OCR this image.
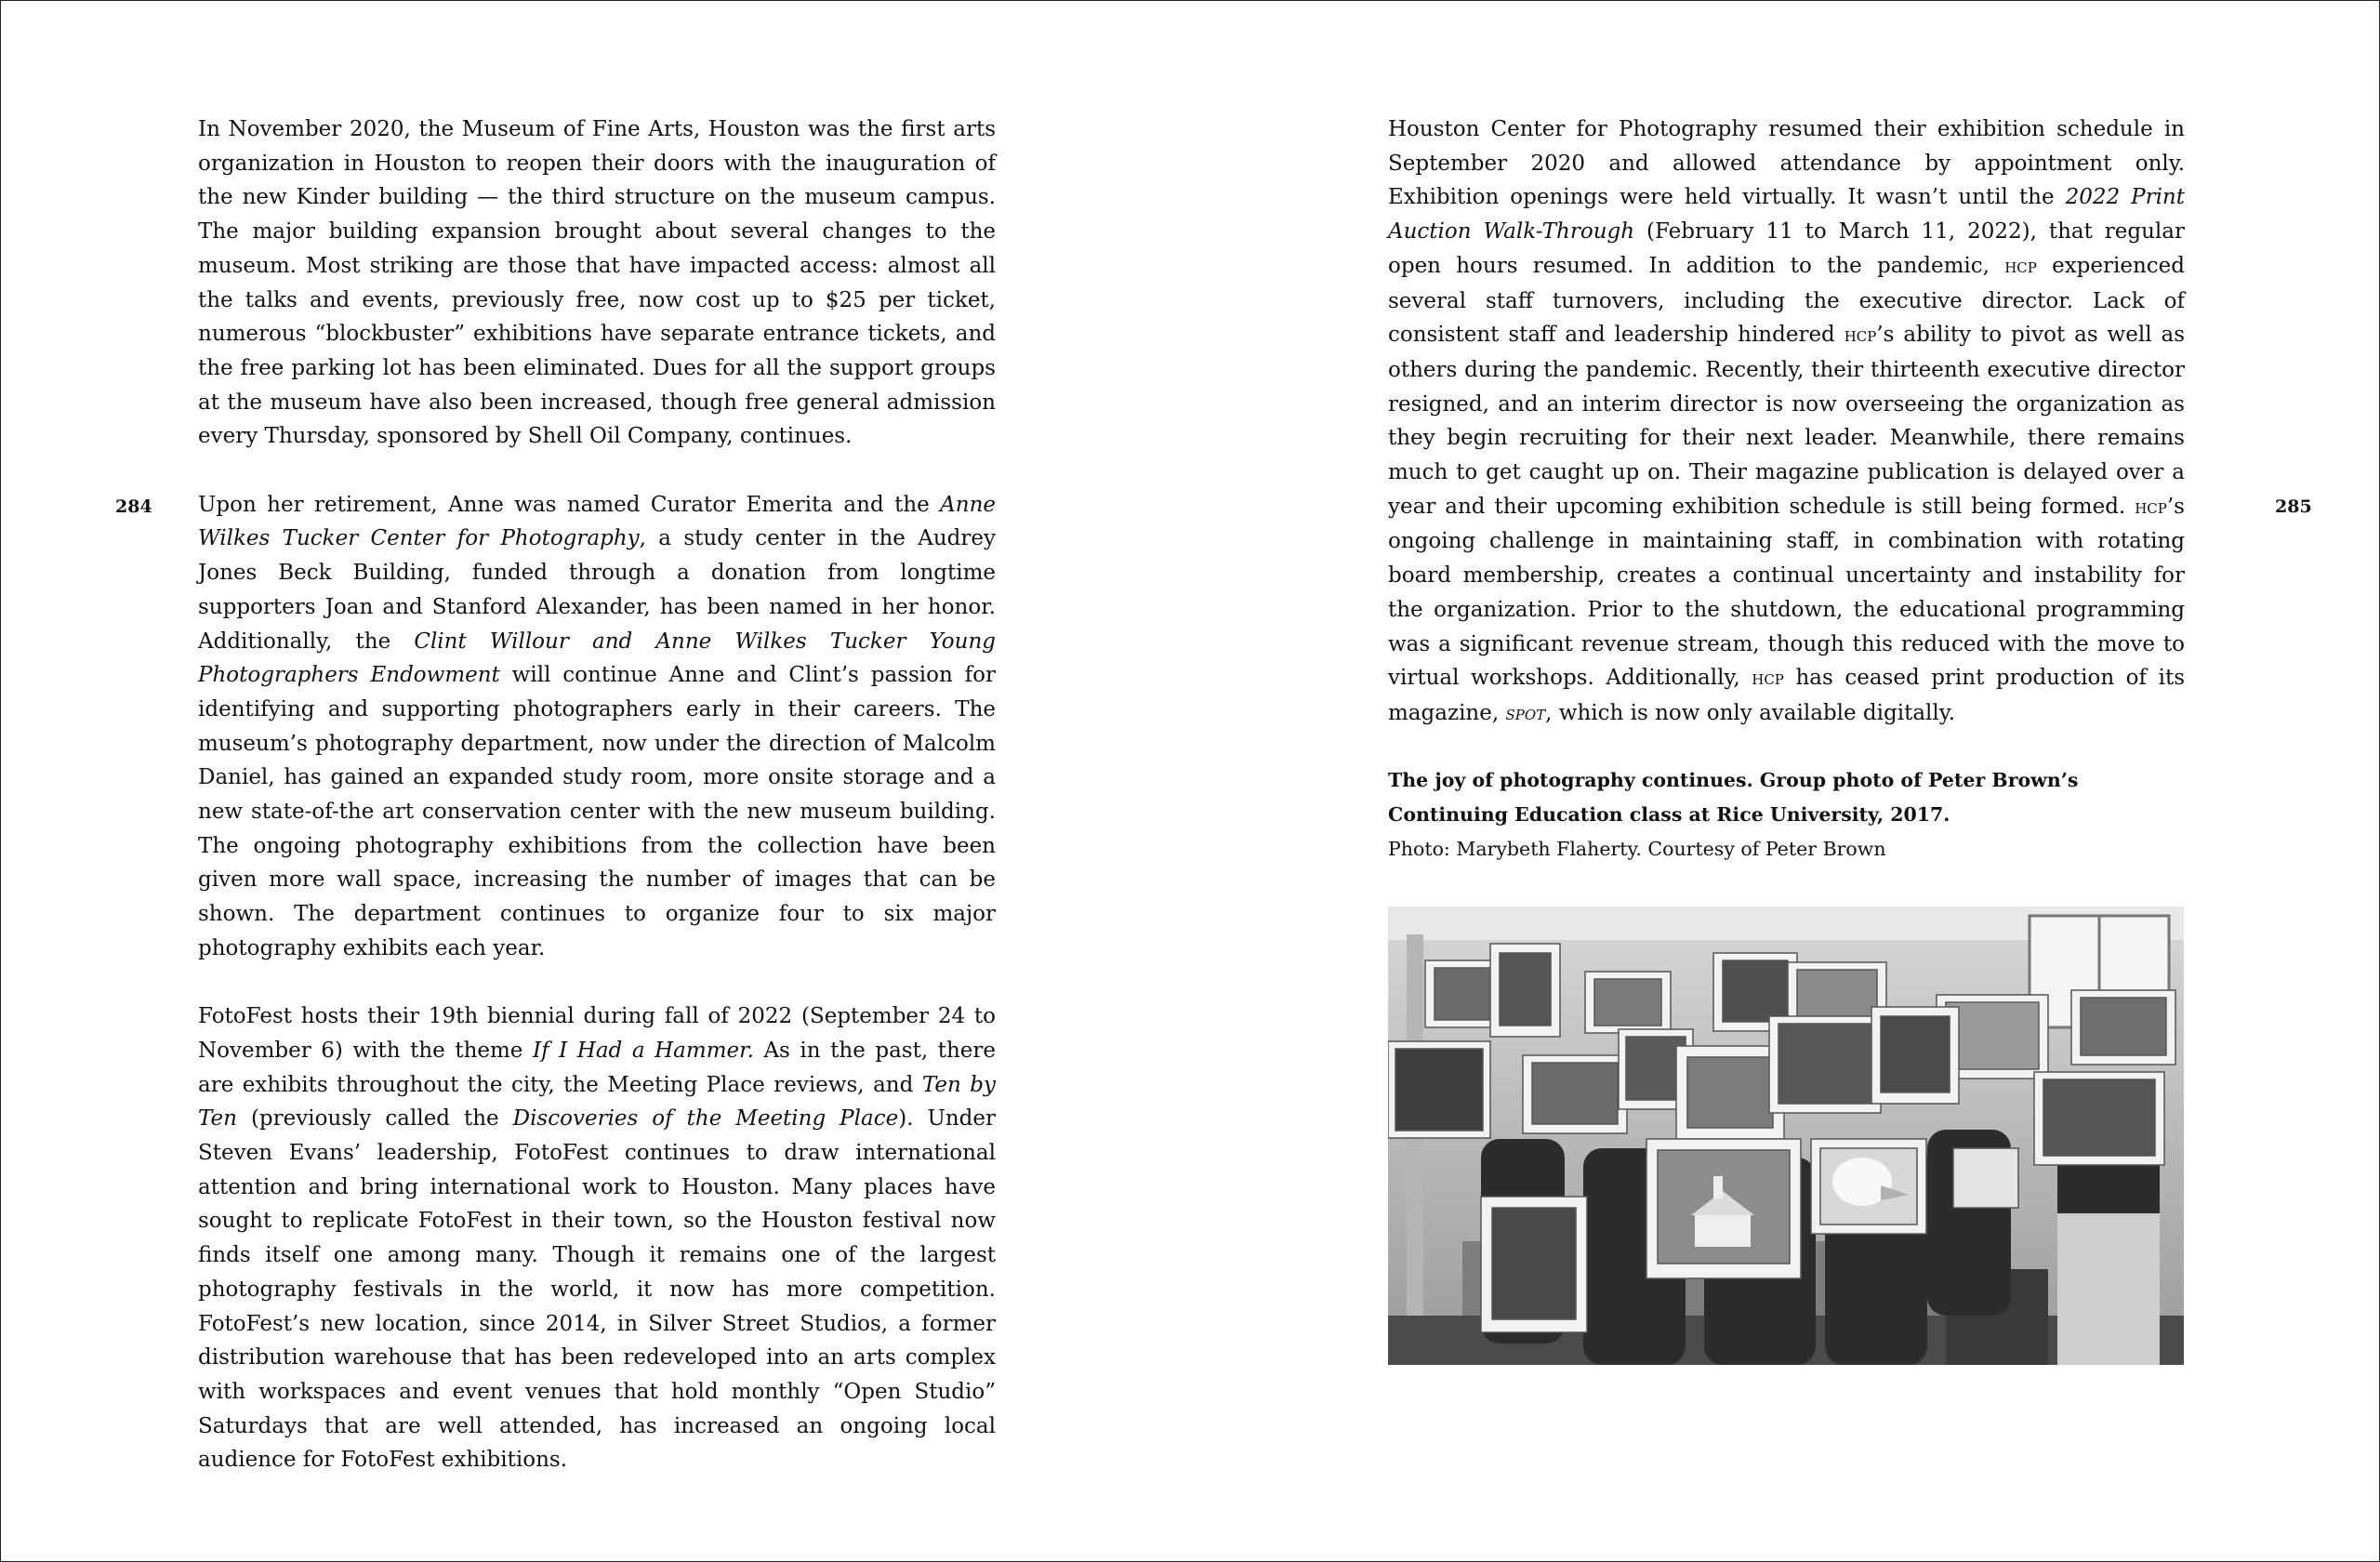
284

In November 2020, the Museum of Fine Arts, Houston was the first arts organization in Houston to reopen their doors with the inauguration of the new Kinder building — the third structure on the museum campus. The major building expansion brought about several changes to the museum. Most striking are those that have impacted access: almost all the talks and events, previously free, now cost up to $25 per ticket, numerous “blockbuster” exhibitions have separate entrance tickets, and the free parking lot has been eliminated. Dues for all the support groups at the museum have also been increased, though free general admission every Thursday, sponsored by Shell Oil Company, continues.

Upon her retirement, Anne was named Curator Emerita and the Anne Wilkes Tucker Center for Photography, a study center in the Audrey Jones Beck Building, funded through a donation from longtime supporters Joan and Stanford Alexander, has been named in her honor. Additionally, the Clint Willour and Anne Wilkes Tucker Young Photographers Endowment will continue Anne and Clint’s passion for identifying and supporting photographers early in their careers. The museum’s photography department, now under the direction of Malcolm Daniel, has gained an expanded study room, more onsite storage and a new state-of-the art conservation center with the new museum building. The ongoing photography exhibitions from the collection have been given more wall space, increasing the number of images that can be shown. The department continues to organize four to six major photography exhibits each year.

FotoFest hosts their 19th biennial during fall of 2022 (September 24 to November 6) with the theme If I Had a Hammer. As in the past, there are exhibits throughout the city, the Meeting Place reviews, and Ten by Ten (previously called the Discoveries of the Meeting Place). Under Steven Evans’ leadership, FotoFest continues to draw international attention and bring international work to Houston. Many places have sought to replicate FotoFest in their town, so the Houston festival now finds itself one among many. Though it remains one of the largest photography festivals in the world, it now has more competition. FotoFest’s new location, since 2014, in Silver Street Studios, a former distribution warehouse that has been redeveloped into an arts complex with workspaces and event venues that hold monthly “Open Studio” Saturdays that are well attended, has increased an ongoing local audience for FotoFest exhibitions.

285

Houston Center for Photography resumed their exhibition schedule in September 2020 and allowed attendance by appointment only. Exhibition openings were held virtually. It wasn’t until the 2022 Print Auction Walk-Through (February 11 to March 11, 2022), that regular open hours resumed. In addition to the pandemic, hcp experienced several staff turnovers, including the executive director. Lack of consistent staff and leadership hindered hcp’s ability to pivot as well as others during the pandemic. Recently, their thirteenth executive director resigned, and an interim director is now overseeing the organization as they begin recruiting for their next leader. Meanwhile, there remains much to get caught up on. Their magazine publication is delayed over a year and their upcoming exhibition schedule is still being formed. hcp’s ongoing challenge in maintaining staff, in combination with rotating board membership, creates a continual uncertainty and instability for the organization. Prior to the shutdown, the educational programming was a significant revenue stream, though this reduced with the move to virtual workshops. Additionally, hcp has ceased print production of its magazine, spot, which is now only available digitally.

The joy of photography continues. Group photo of Peter Brown’s Continuing Education class at Rice University, 2017.
Photo: Marybeth Flaherty. Courtesy of Peter Brown
